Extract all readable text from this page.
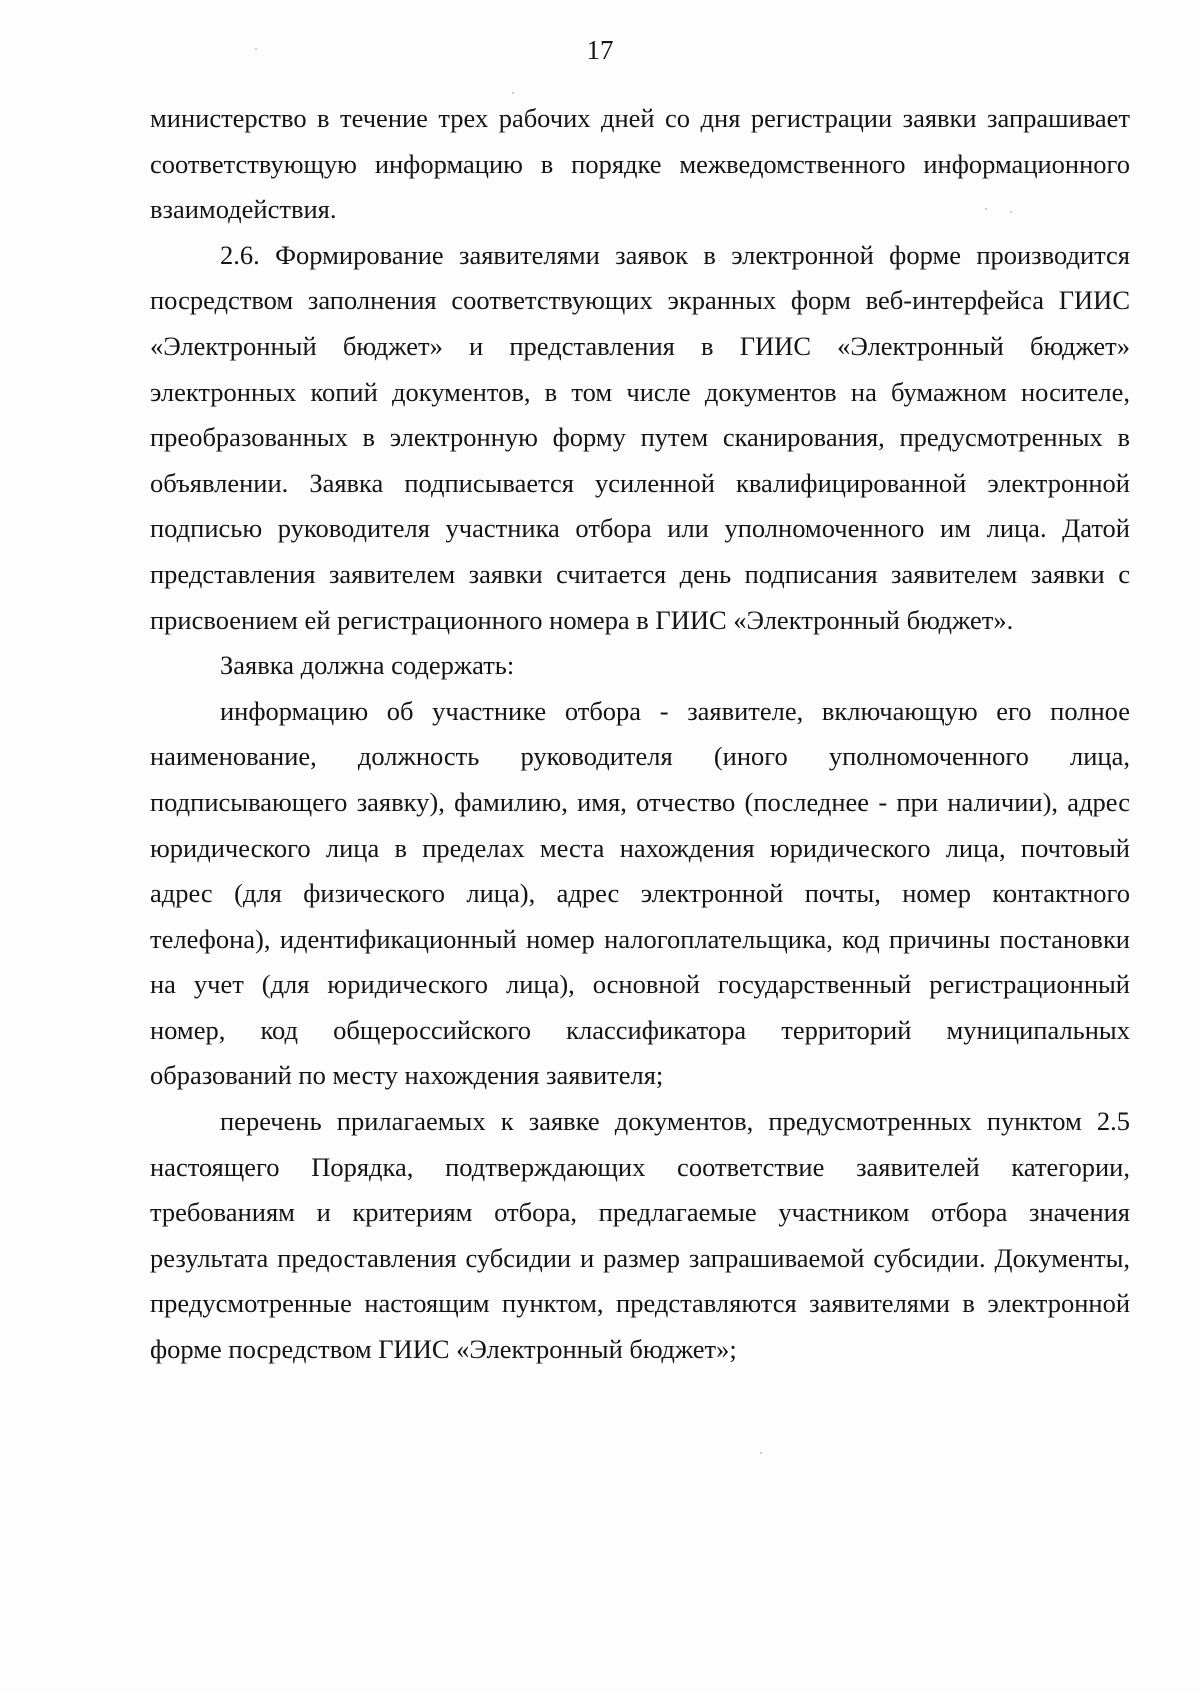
17

министерство в течение трех рабочих дней со дня регистрации заявки запрашивает соответствующую информацию в порядке межведомственного информационного взаимодействия.

2.6. Формирование заявителями заявок в электронной форме производится посредством заполнения соответствующих экранных форм веб-интерфейса ГИИС «Электронный бюджет» и представления в ГИИС «Электронный бюджет» электронных копий документов, в том числе документов на бумажном носителе, преобразованных в электронную форму путем сканирования, предусмотренных в объявлении. Заявка подписывается усиленной квалифицированной электронной подписью руководителя участника отбора или уполномоченного им лица. Датой представления заявителем заявки считается день подписания заявителем заявки с присвоением ей регистрационного номера в ГИИС «Электронный бюджет».

Заявка должна содержать:

информацию об участнике отбора - заявителе, включающую его полное наименование, должность руководителя (иного уполномоченного лица, подписывающего заявку), фамилию, имя, отчество (последнее - при наличии), адрес юридического лица в пределах места нахождения юридического лица, почтовый адрес (для физического лица), адрес электронной почты, номер контактного телефона), идентификационный номер налогоплательщика, код причины постановки на учет (для юридического лица), основной государственный регистрационный номер, код общероссийского классификатора территорий муниципальных образований по месту нахождения заявителя;

перечень прилагаемых к заявке документов, предусмотренных пунктом 2.5 настоящего Порядка, подтверждающих соответствие заявителей категории, требованиям и критериям отбора, предлагаемые участником отбора значения результата предоставления субсидии и размер запрашиваемой субсидии. Документы, предусмотренные настоящим пунктом, представляются заявителями в электронной форме посредством ГИИС «Электронный бюджет»;
